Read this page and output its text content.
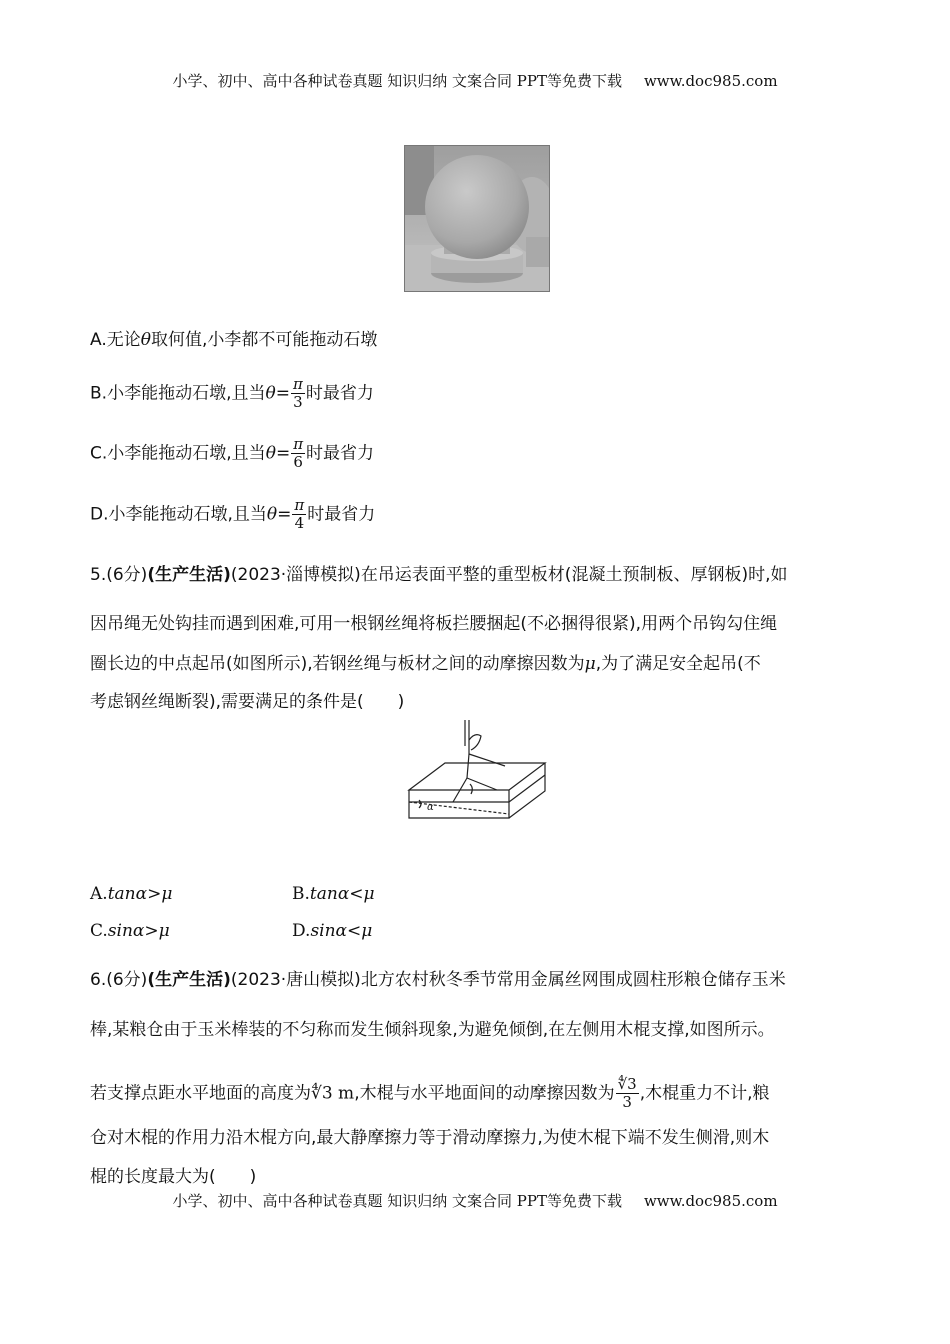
小学、初中、高中各种试卷真题 知识归纳 文案合同 PPT等免费下载 www.doc985.com
A.无论θ取何值,小李都不可能拖动石墩
B.小李能拖动石墩,且当$\theta= \frac{\pi}{3}$ 时最省力
C.小李能拖动石墩,且当$\theta= \frac{\pi}{6}$ 时最省力
D.小李能拖动石墩,且当$\theta= \frac{\pi}{4}$ 时最省力
5.(6分)(生产生活)(2023·淄博模拟)在吊运表面平整的重型板材(混凝土预制板、厚钢板)时,如
因吊绳无处钩挂而遇到困难,可用一根钢丝绳将板拦腰捆起(不必捆得很紧),用两个吊钩勾住绳
圈长边的中点起吊(如图所示),若钢丝绳与板材之间的动摩擦因数为μ,为了满足安全起吊(不
考虑钢丝绳断裂),需要满足的条件是( )
α
A.tanα>μ	B.tanα<μ
C.sinα>μ	D.sinα<μ
6.(6分)(生产生活)(2023·唐山模拟)北方农村秋冬季节常用金属丝网围成圆柱形粮仓储存玉米
棒,某粮仓由于玉米棒装的不匀称而发生倾斜现象,为避免倾倒,在左侧用木棍支撑,如图所示。
若支撑点距水平地面的高度为∜3 m,木棍与水平地面间的动摩擦因数为 $\frac{∜3}{3}$ ,木棍重力不计,粮
仓对木棍的作用力沿木棍方向,最大静摩擦力等于滑动摩擦力,为使木棍下端不发生侧滑,则木
棍的长度最大为( )
小学、初中、高中各种试卷真题 知识归纳 文案合同 PPT等免费下载 www.doc985.com
